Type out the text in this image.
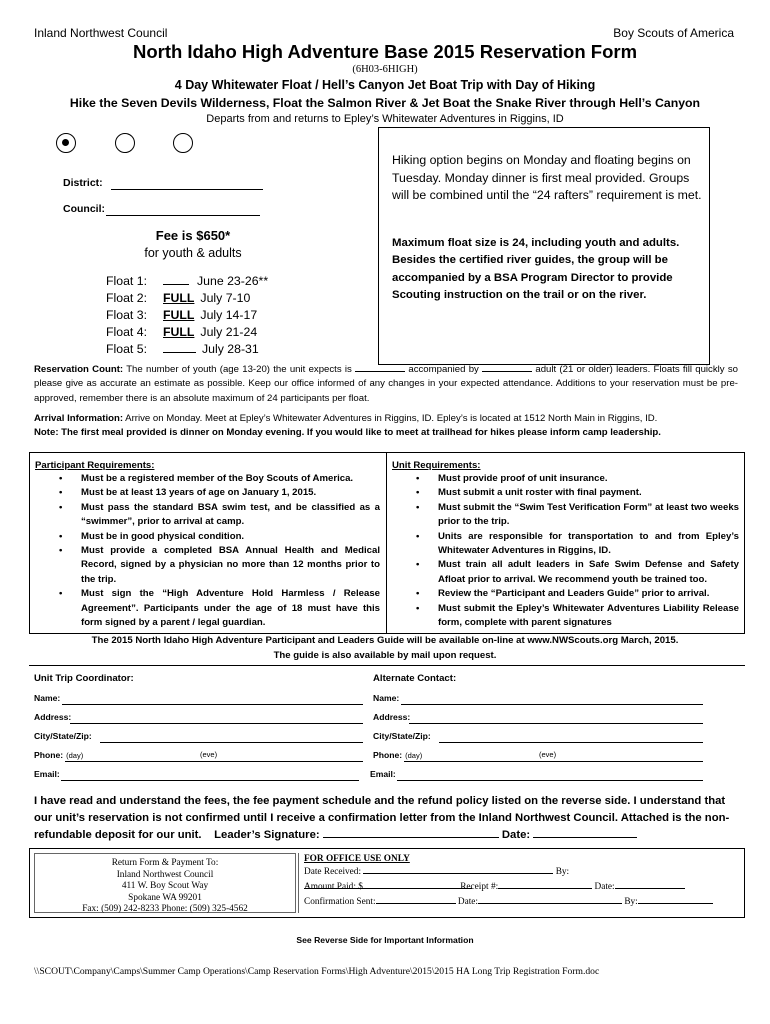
Inland Northwest Council	Boy Scouts of America
North Idaho High Adventure Base 2015 Reservation Form
(6H03-6HIGH)
4 Day Whitewater Float / Hell’s Canyon Jet Boat Trip with Day of Hiking
Hike the Seven Devils Wilderness, Float the Salmon River & Jet Boat the Snake River through Hell’s Canyon
Departs from and returns to Epley’s Whitewater Adventures in Riggins, ID
District:
Council:
Fee is $650*
for youth & adults
Float 1:	June 23-26**
Float 2: FULL July 7-10
Float 3: FULL July 14-17
Float 4: FULL July 21-24
Float 5:	July 28-31
Hiking option begins on Monday and floating begins on Tuesday. Monday dinner is first meal provided. Groups will be combined until the “24 rafters” requirement is met.
Maximum float size is 24, including youth and adults. Besides the certified river guides, the group will be accompanied by a BSA Program Director to provide Scouting instruction on the trail or on the river.
Reservation Count: The number of youth (age 13-20) the unit expects is	accompanied by	adult (21 or older) leaders. Floats fill quickly so please give as accurate an estimate as possible. Keep our office informed of any changes in your expected attendance. Additions to your reservation must be pre-approved, remember there is an absolute maximum of 24 participants per float.
Arrival Information: Arrive on Monday. Meet at Epley’s Whitewater Adventures in Riggins, ID. Epley’s is located at 1512 North Main in Riggins, ID.
Note: The first meal provided is dinner on Monday evening. If you would like to meet at trailhead for hikes please inform camp leadership.
Participant Requirements:
• Must be a registered member of the Boy Scouts of America.
• Must be at least 13 years of age on January 1, 2015.
• Must pass the standard BSA swim test, and be classified as a “swimmer”, prior to arrival at camp.
• Must be in good physical condition.
• Must provide a completed BSA Annual Health and Medical Record, signed by a physician no more than 12 months prior to the trip.
• Must sign the “High Adventure Hold Harmless / Release Agreement”. Participants under the age of 18 must have this form signed by a parent / legal guardian.
Unit Requirements:
• Must provide proof of unit insurance.
• Must submit a unit roster with final payment.
• Must submit the “Swim Test Verification Form” at least two weeks prior to the trip.
• Units are responsible for transportation to and from Epley’s Whitewater Adventures in Riggins, ID.
• Must train all adult leaders in Safe Swim Defense and Safety Afloat prior to arrival. We recommend youth be trained too.
• Review the “Participant and Leaders Guide” prior to arrival.
• Must submit the Epley’s Whitewater Adventures Liability Release form, complete with parent signatures
The 2015 North Idaho High Adventure Participant and Leaders Guide will be available on-line at www.NWScouts.org March, 2015.
The guide is also available by mail upon request.
Unit Trip Coordinator:	Alternate Contact:
Name:
Address:
City/State/Zip:
Phone: (day)	(eve)
Email:
Name:
Address:
City/State/Zip:
Phone: (day)	(eve)
Email:
I have read and understand the fees, the fee payment schedule and the refund policy listed on the reverse side. I understand that our unit’s reservation is not confirmed until I receive a confirmation letter from the Inland Northwest Council. Attached is the non-refundable deposit for our unit. Leader’s Signature:	Date:
Return Form & Payment To:
Inland Northwest Council
411 W. Boy Scout Way
Spokane WA 99201
Fax: (509) 242-8233 Phone: (509) 325-4562
FOR OFFICE USE ONLY
Date Received:	By:
Amount Paid: $	Receipt #:	Date:
Confirmation Sent:	Date:	By:
See Reverse Side for Important Information
\\SCOUT\Company\Camps\Summer Camp Operations\Camp Reservation Forms\High Adventure\2015\2015 HA Long Trip Registration Form.doc
